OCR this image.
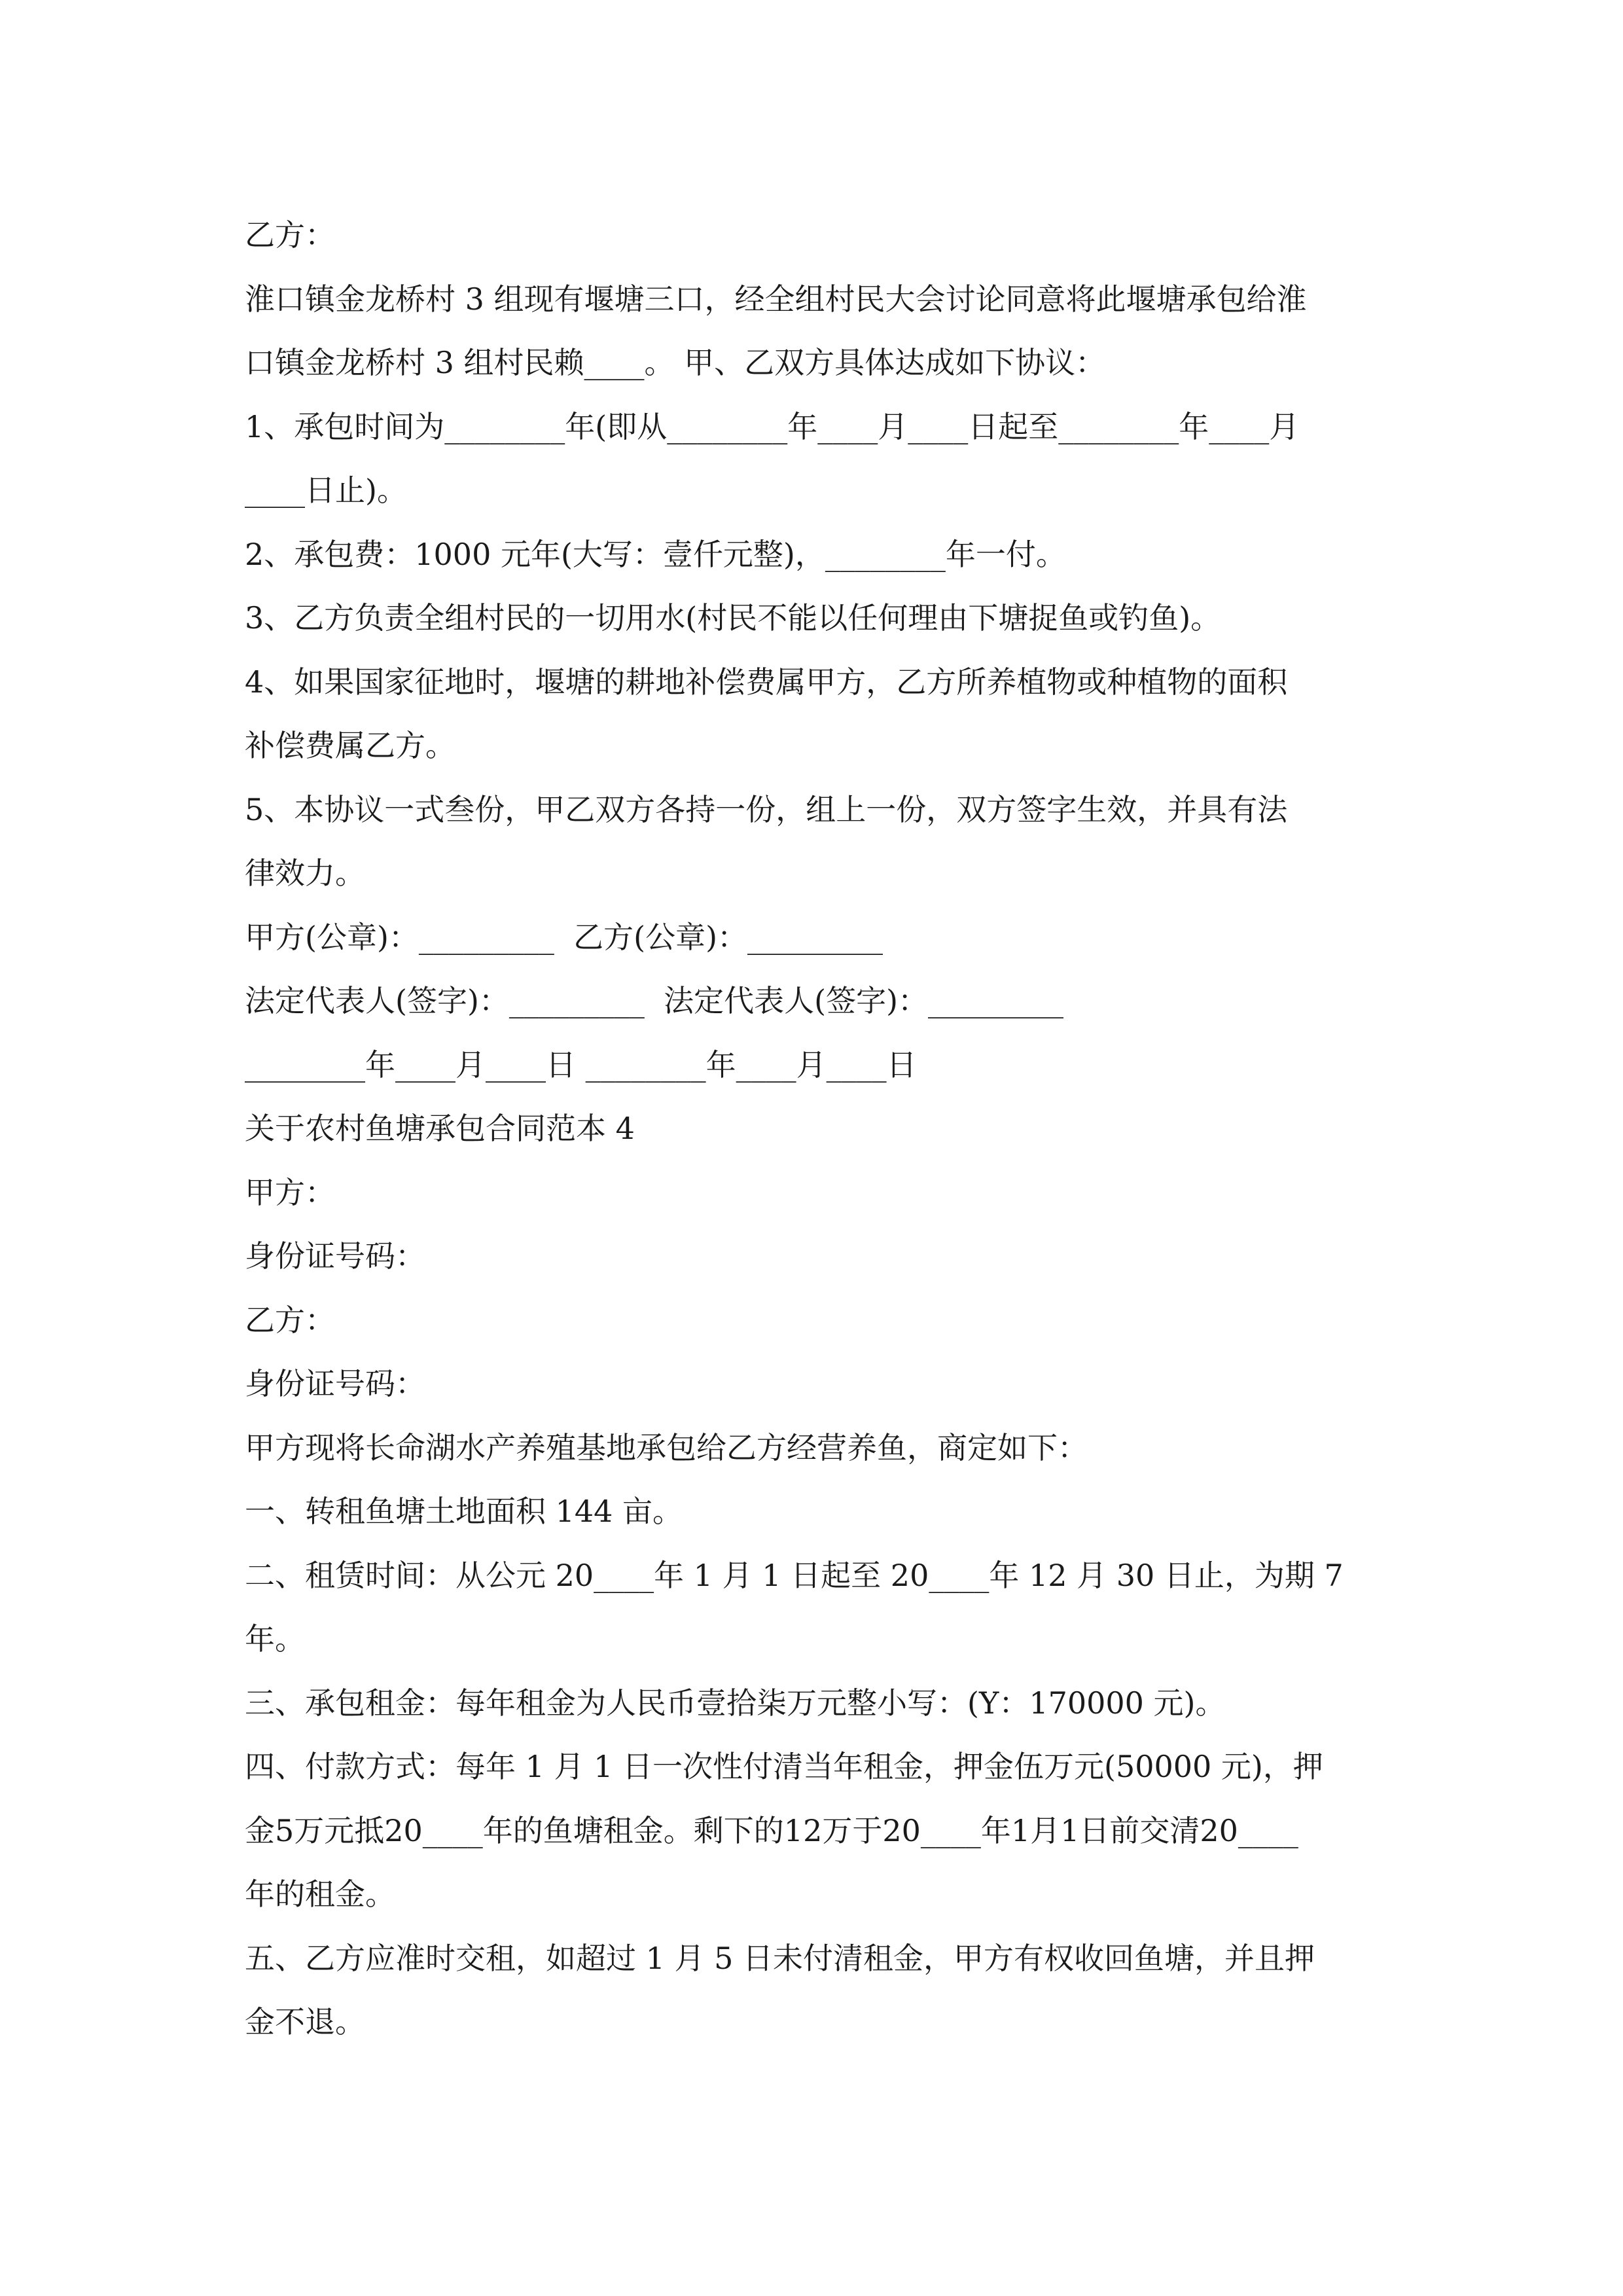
乙方：

淮口镇金龙桥村 3 组现有堰塘三口，经全组村民大会讨论同意将此堰塘承包给淮

口镇金龙桥村 3 组村民赖____。 甲、乙双方具体达成如下协议：

1、承包时间为________年(即从________年____月____日起至________年____月

____日止)。

2、承包费：1000 元年(大写：壹仟元整)，________年一付。

3、乙方负责全组村民的一切用水(村民不能以任何理由下塘捉鱼或钓鱼)。

4、如果国家征地时，堰塘的耕地补偿费属甲方，乙方所养植物或种植物的面积

补偿费属乙方。

5、本协议一式叁份，甲乙双方各持一份，组上一份，双方签字生效，并具有法

律效力。

甲方(公章)：_________  乙方(公章)：_________

法定代表人(签字)：_________  法定代表人(签字)：_________

________年____月____日 ________年____月____日

关于农村鱼塘承包合同范本 4

甲方：

身份证号码：

乙方：

身份证号码：

甲方现将长命湖水产养殖基地承包给乙方经营养鱼，商定如下：

一、转租鱼塘土地面积 144 亩。

二、租赁时间：从公元 20____年 1 月 1 日起至 20____年 12 月 30 日止，为期 7

年。

三、承包租金：每年租金为人民币壹拾柒万元整小写：(Y：170000 元)。

四、付款方式：每年 1 月 1 日一次性付清当年租金，押金伍万元(50000 元)，押

金5万元抵20____年的鱼塘租金。剩下的12万于20____年1月1日前交清20____

年的租金。

五、乙方应准时交租，如超过 1 月 5 日未付清租金，甲方有权收回鱼塘，并且押

金不退。
